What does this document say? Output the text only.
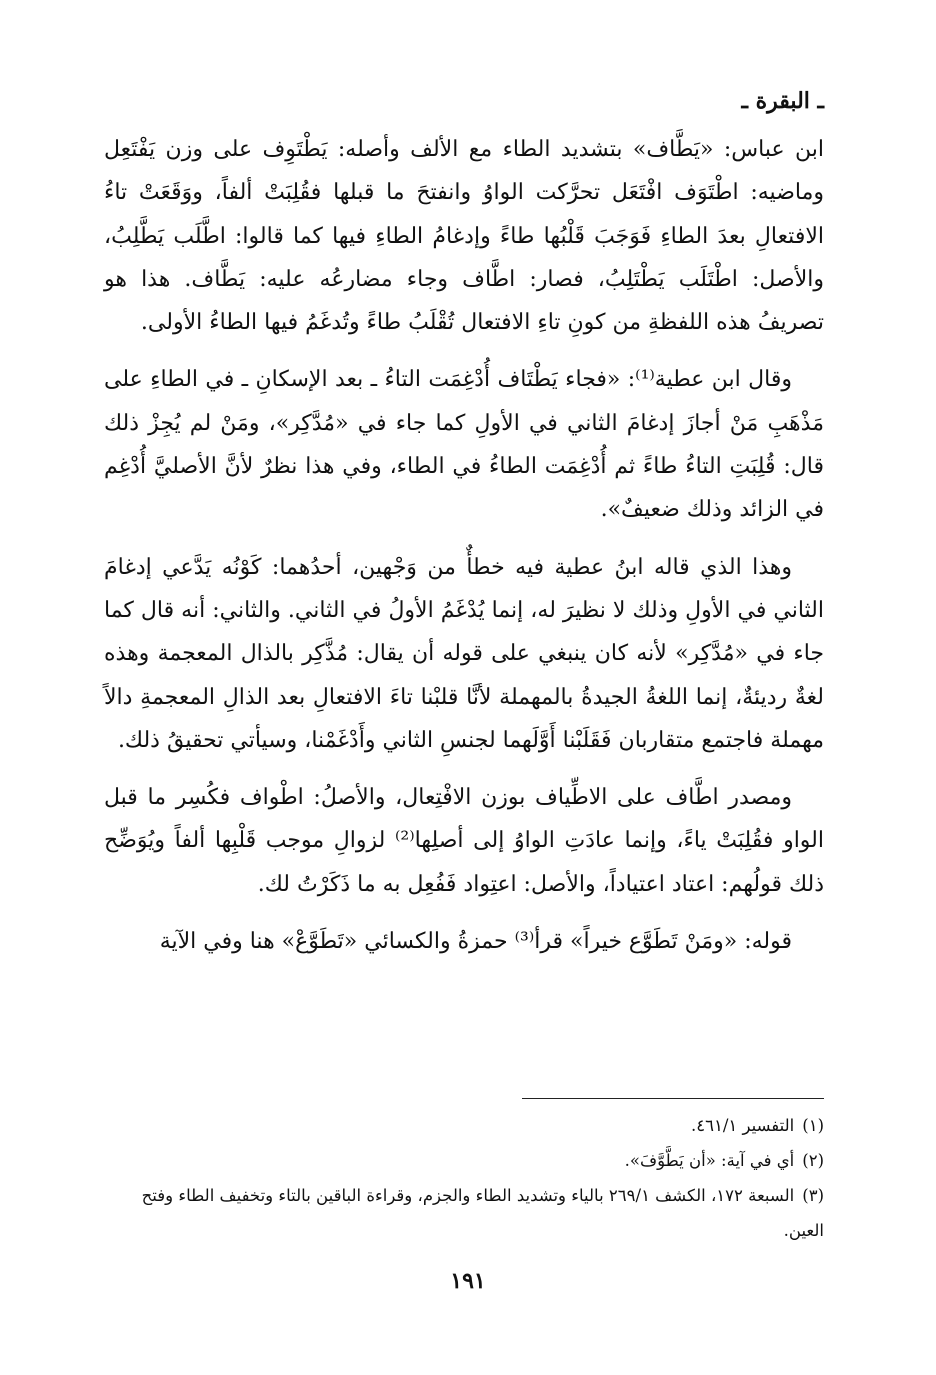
ـ البقرة ـ

ابن عباس: «يَطَّاف» بتشديد الطاء مع الألف وأصله: يَطْتَوِف على وزن يَفْتَعِل وماضيه: اطْتَوَف افْتَعَل تحرَّكت الواوُ وانفتحَ ما قبلها فقُلِبَتْ ألفاً، ووَقَعَتْ تاءُ الافتعالِ بعدَ الطاءِ فَوَجَبَ قَلْبُها طاءً وإدغامُ الطاءِ فيها كما قالوا: اطَّلَب يَطَّلِبُ، والأصل: اطْتَلَب يَطْتَلِبُ، فصار: اطَّاف وجاء مضارعُه عليه: يَطَّاف. هذا هو تصريفُ هذه اللفظةِ من كونِ تاءِ الافتعال تُقْلَبُ طاءً وتُدغَمُ فيها الطاءُ الأولى.

وقال ابن عطية⁽¹⁾: «فجاء يَطْتَاف أُدْغِمَت التاءُ ـ بعد الإسكانِ ـ في الطاءِ على مَذْهَبِ مَنْ أجازَ إدغامَ الثاني في الأولِ كما جاء في «مُدَّكِر»، ومَنْ لم يُجِزْ ذلك قال: قُلِبَتِ التاءُ طاءً ثم أُدْغِمَت الطاءُ في الطاء، وفي هذا نظرٌ لأنَّ الأصليَّ أُدْغِم في الزائد وذلك ضعيفٌ».

وهذا الذي قاله ابنُ عطية فيه خطأٌ من وَجْهين، أحدُهما: كَوْنُه يَدَّعي إدغامَ الثاني في الأولِ وذلك لا نظيرَ له، إنما يُدْغَمُ الأولُ في الثاني. والثاني: أنه قال كما جاء في «مُدَّكِر» لأنه كان ينبغي على قوله أن يقال: مُذَّكِر بالذال المعجمة وهذه لغةٌ رديئةٌ، إنما اللغةُ الجيدةُ بالمهملة لأنَّا قلبْنا تاءَ الافتعالِ بعد الذالِ المعجمةِ دالاً مهملة فاجتمع متقاربان فَقَلَبْنا أَوَّلَهما لجنسِ الثاني وأَدْغَمْنا، وسيأتي تحقيقُ ذلك.

ومصدر اطَّاف على الاطِّياف بوزن الافْتِعال، والأصلُ: اطْواف فكُسِر ما قبل الواو فقُلِبَتْ ياءً، وإنما عادَتِ الواوُ إلى أصلِها⁽²⁾ لزوالِ موجب قَلْبِها ألفاً ويُوَضِّح ذلك قولُهم: اعتاد اعتياداً، والأصل: اعتِواد فَفُعِل به ما ذَكَرْتُ لك.

قوله: «ومَنْ تَطَوَّع خيراً» قرأ⁽³⁾ حمزةُ والكسائي «تَطَوَّعْ» هنا وفي الآية

(١)التفسير ٤٦١/١.

(٢)أي في آية: «أن يَطَّوَّفَ».

(٣)السبعة ١٧٢، الكشف ٢٦٩/١ بالياء وتشديد الطاء والجزم، وقراءة الباقين بالتاء وتخفيف الطاء وفتح العين.

١٩١
